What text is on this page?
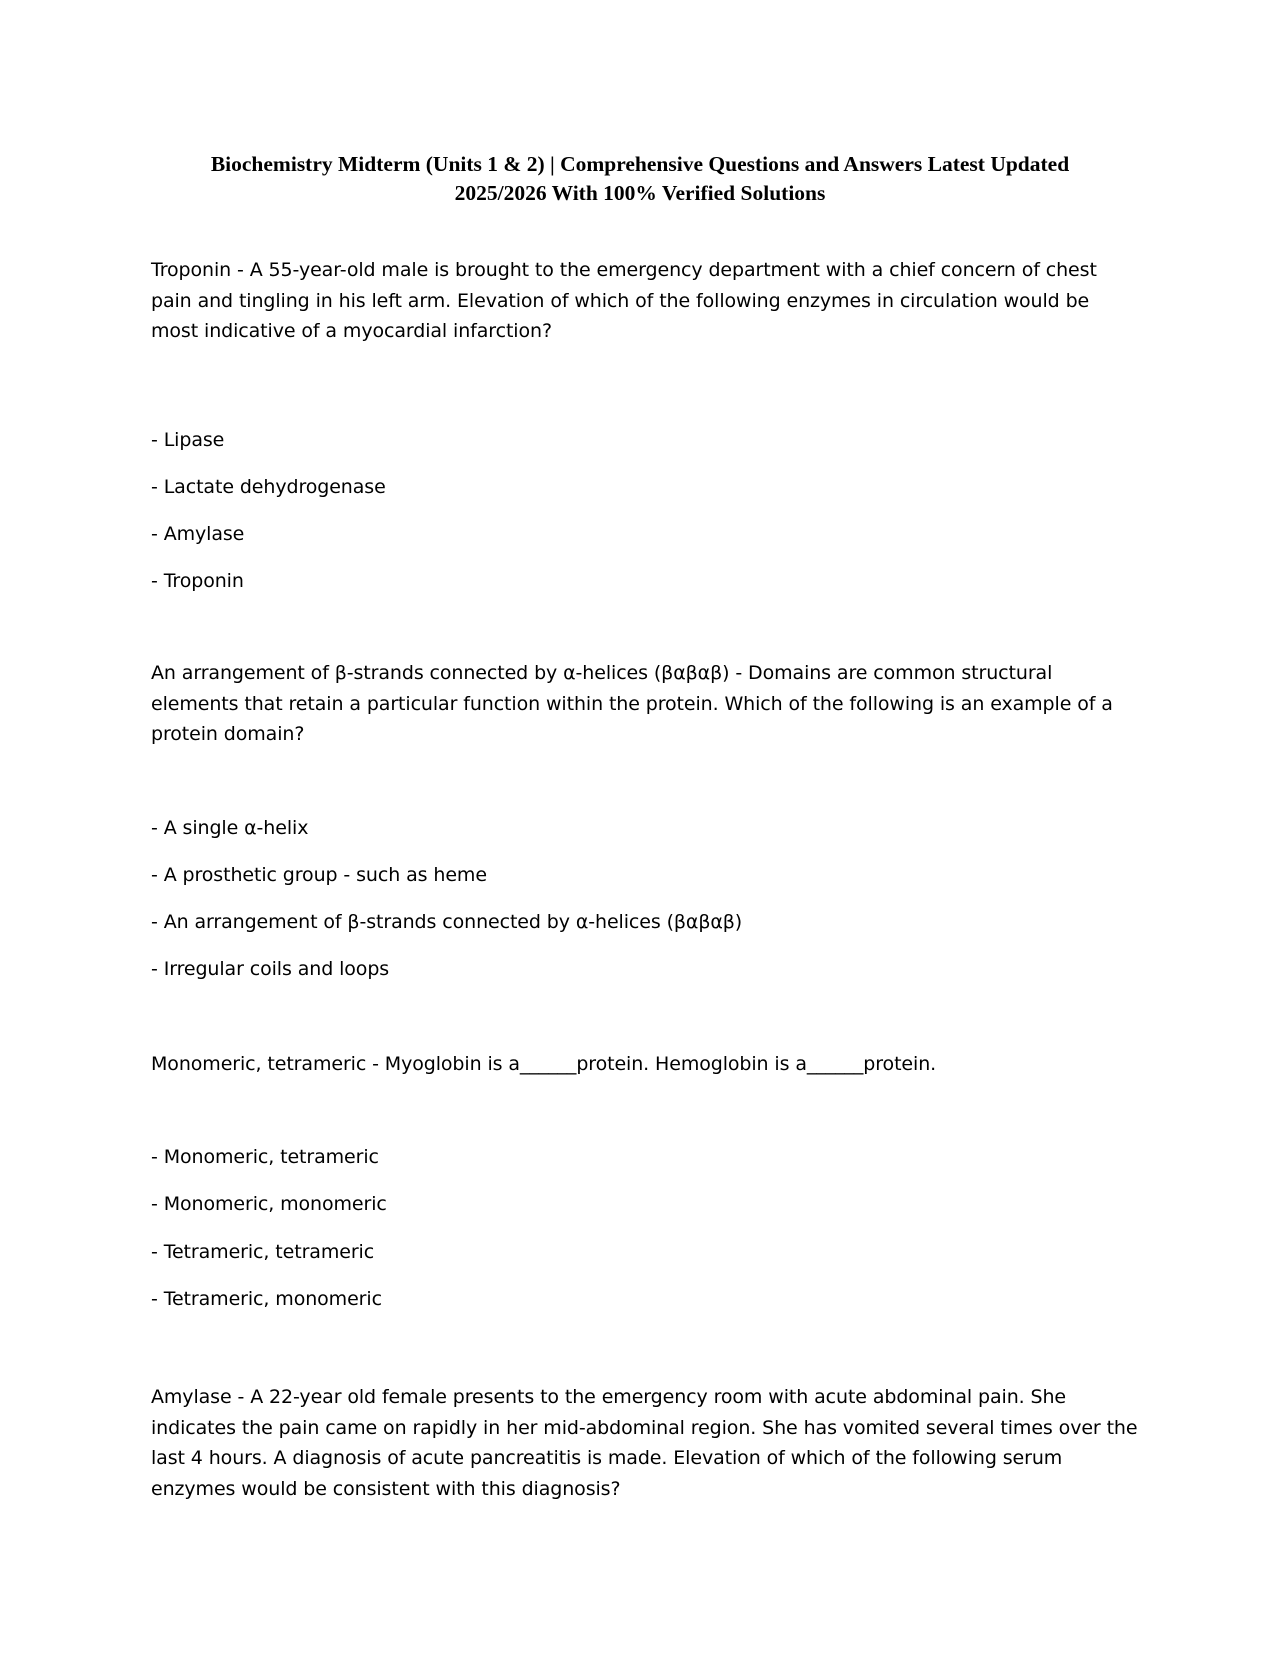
Biochemistry Midterm (Units 1 & 2) | Comprehensive Questions and Answers Latest Updated
2025/2026 With 100% Verified Solutions

Troponin - A 55-year-old male is brought to the emergency department with a chief concern of chest
pain and tingling in his left arm. Elevation of which of the following enzymes in circulation would be
most indicative of a myocardial infarction?

- Lipase

- Lactate dehydrogenase

- Amylase

- Troponin

An arrangement of β-strands connected by α-helices (βαβαβ) - Domains are common structural
elements that retain a particular function within the protein. Which of the following is an example of a
protein domain?

- A single α-helix

- A prosthetic group - such as heme

- An arrangement of β-strands connected by α-helices (βαβαβ)

- Irregular coils and loops

Monomeric, tetrameric - Myoglobin is a______protein. Hemoglobin is a______protein.

- Monomeric, tetrameric

- Monomeric, monomeric

- Tetrameric, tetrameric

- Tetrameric, monomeric

Amylase - A 22-year old female presents to the emergency room with acute abdominal pain. She
indicates the pain came on rapidly in her mid-abdominal region. She has vomited several times over the
last 4 hours. A diagnosis of acute pancreatitis is made. Elevation of which of the following serum
enzymes would be consistent with this diagnosis?
